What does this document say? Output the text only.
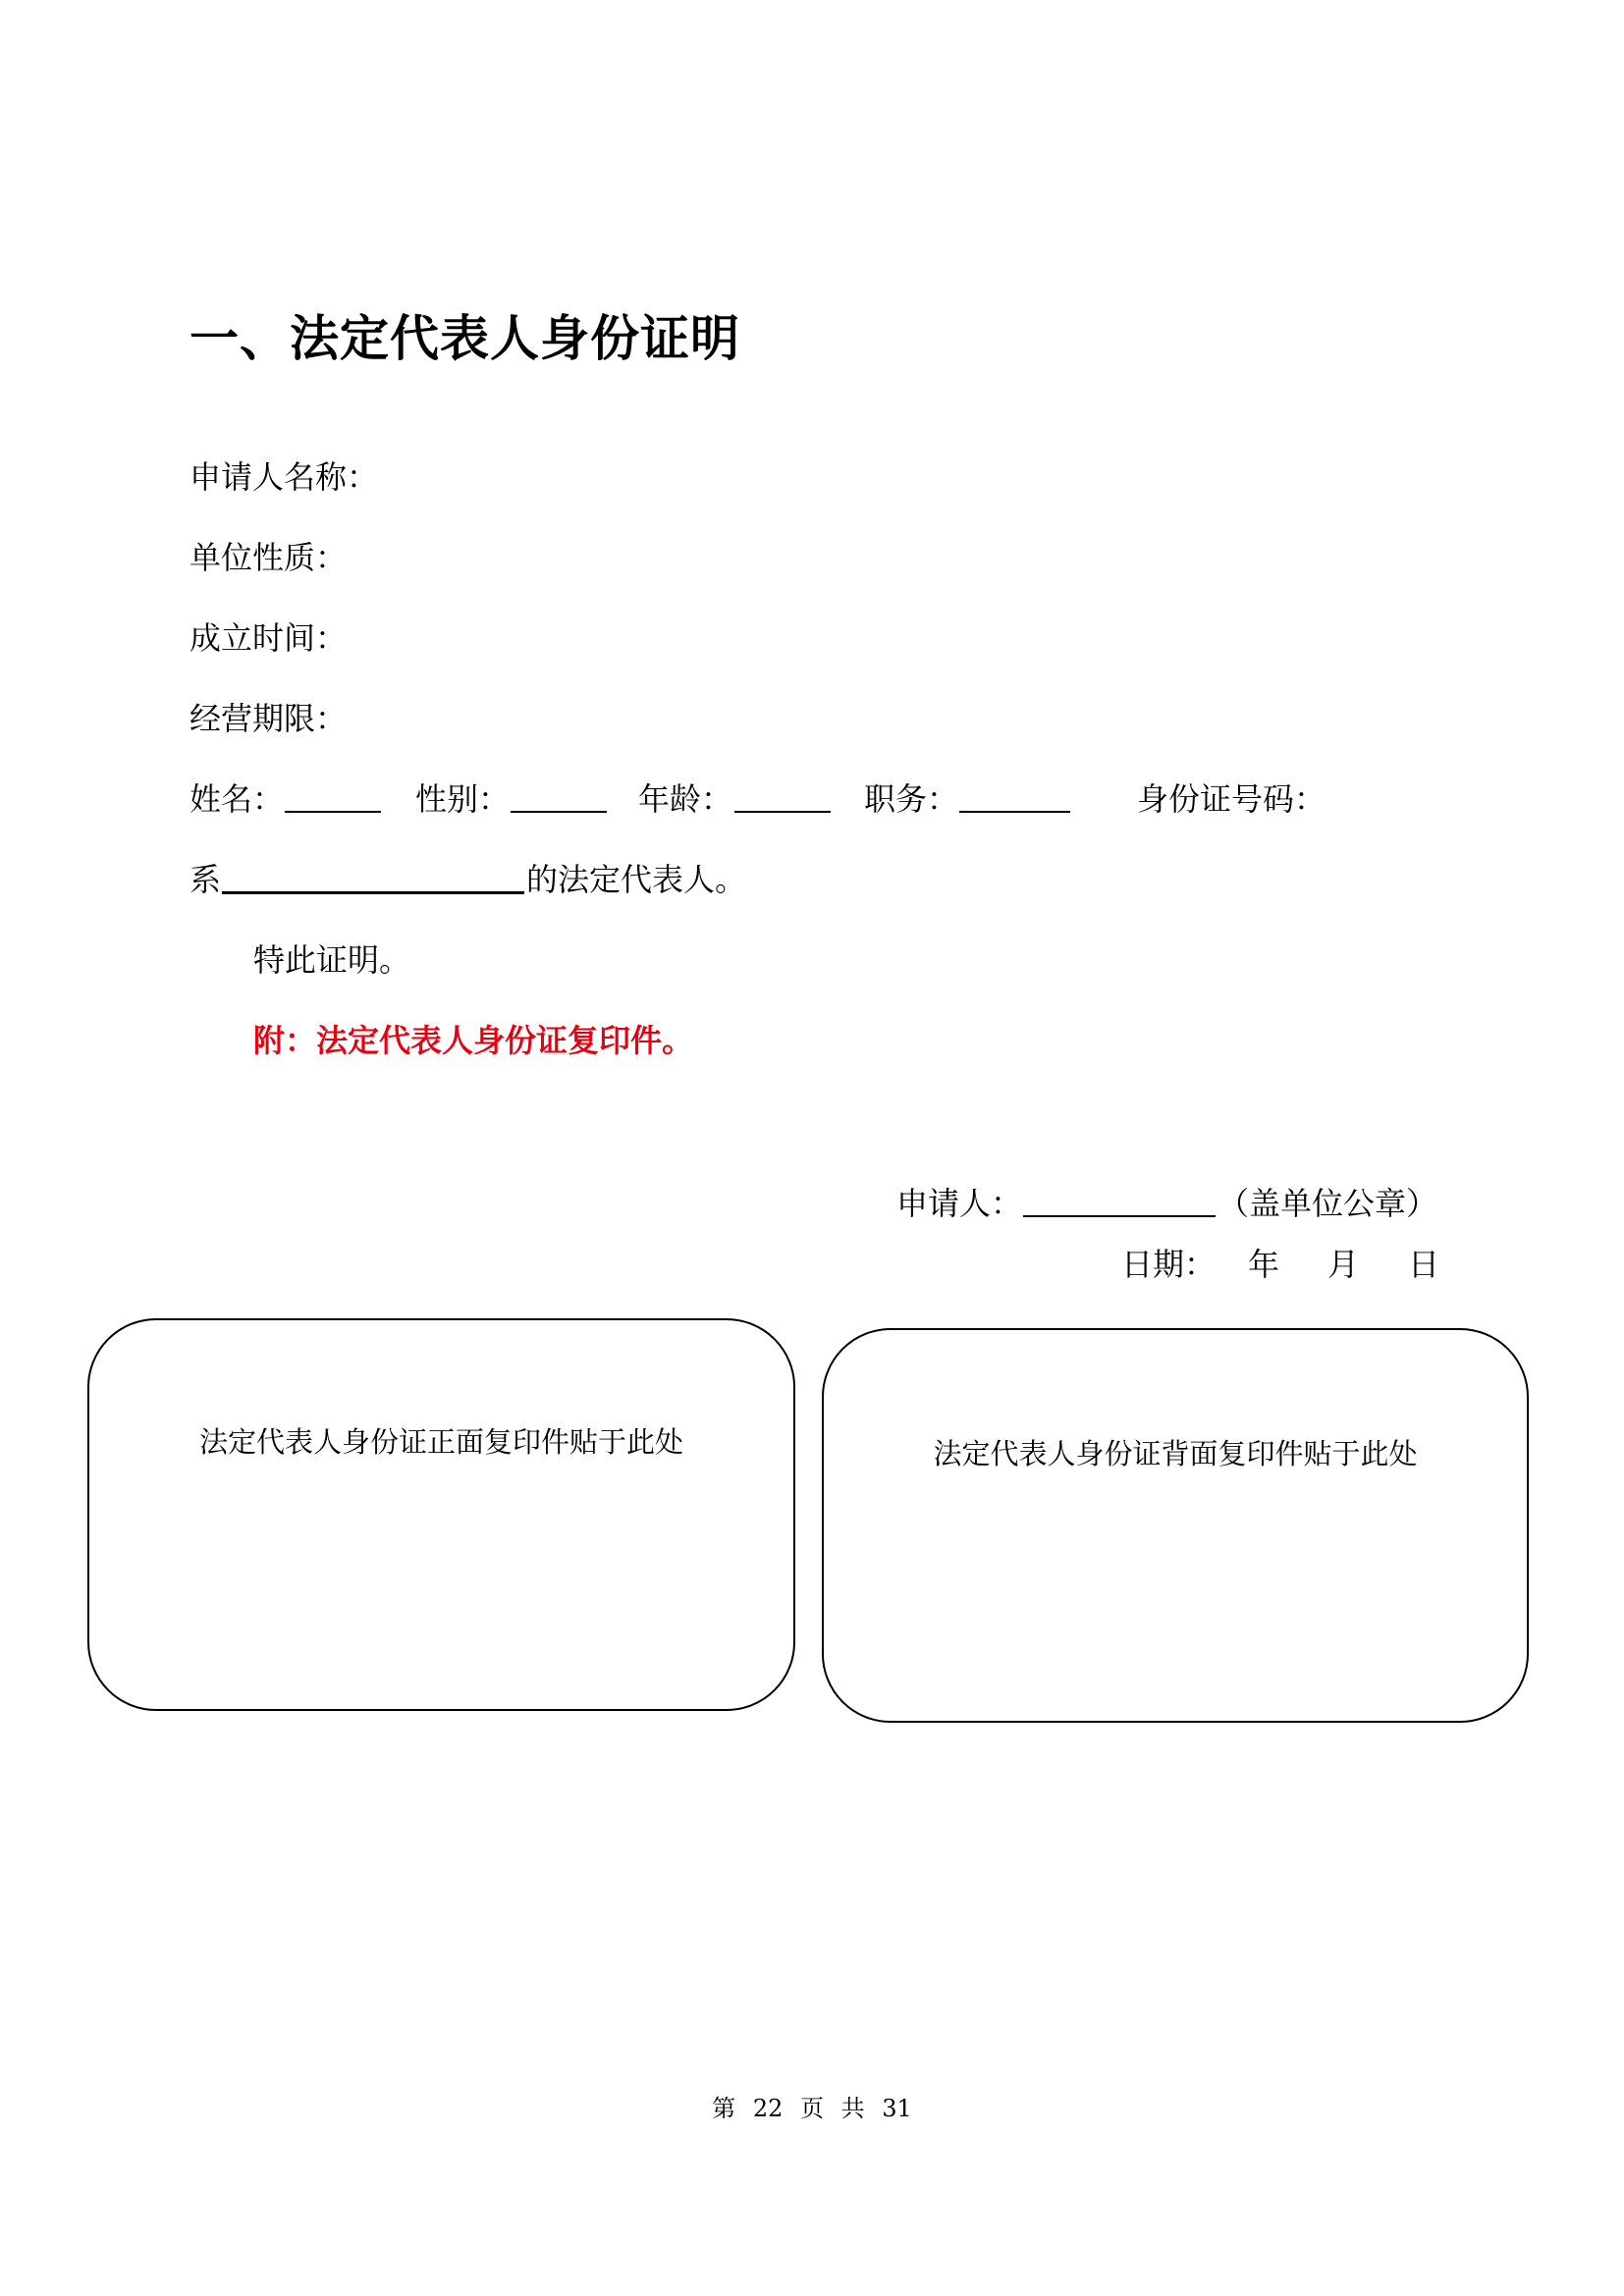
一、法定代表人身份证明
申请人名称：
单位性质：
成立时间：
经营期限：
姓名：	性别：	年龄：	职务：	身份证号码：
系	的法定代表人。
特此证明。
附：法定代表人身份证复印件。
申请人：	（盖单位公章）
日期： 年 月 日
法定代表人身份证正面复印件贴于此处	法定代表人身份证背面复印件贴于此处
第 22 页 共 31
